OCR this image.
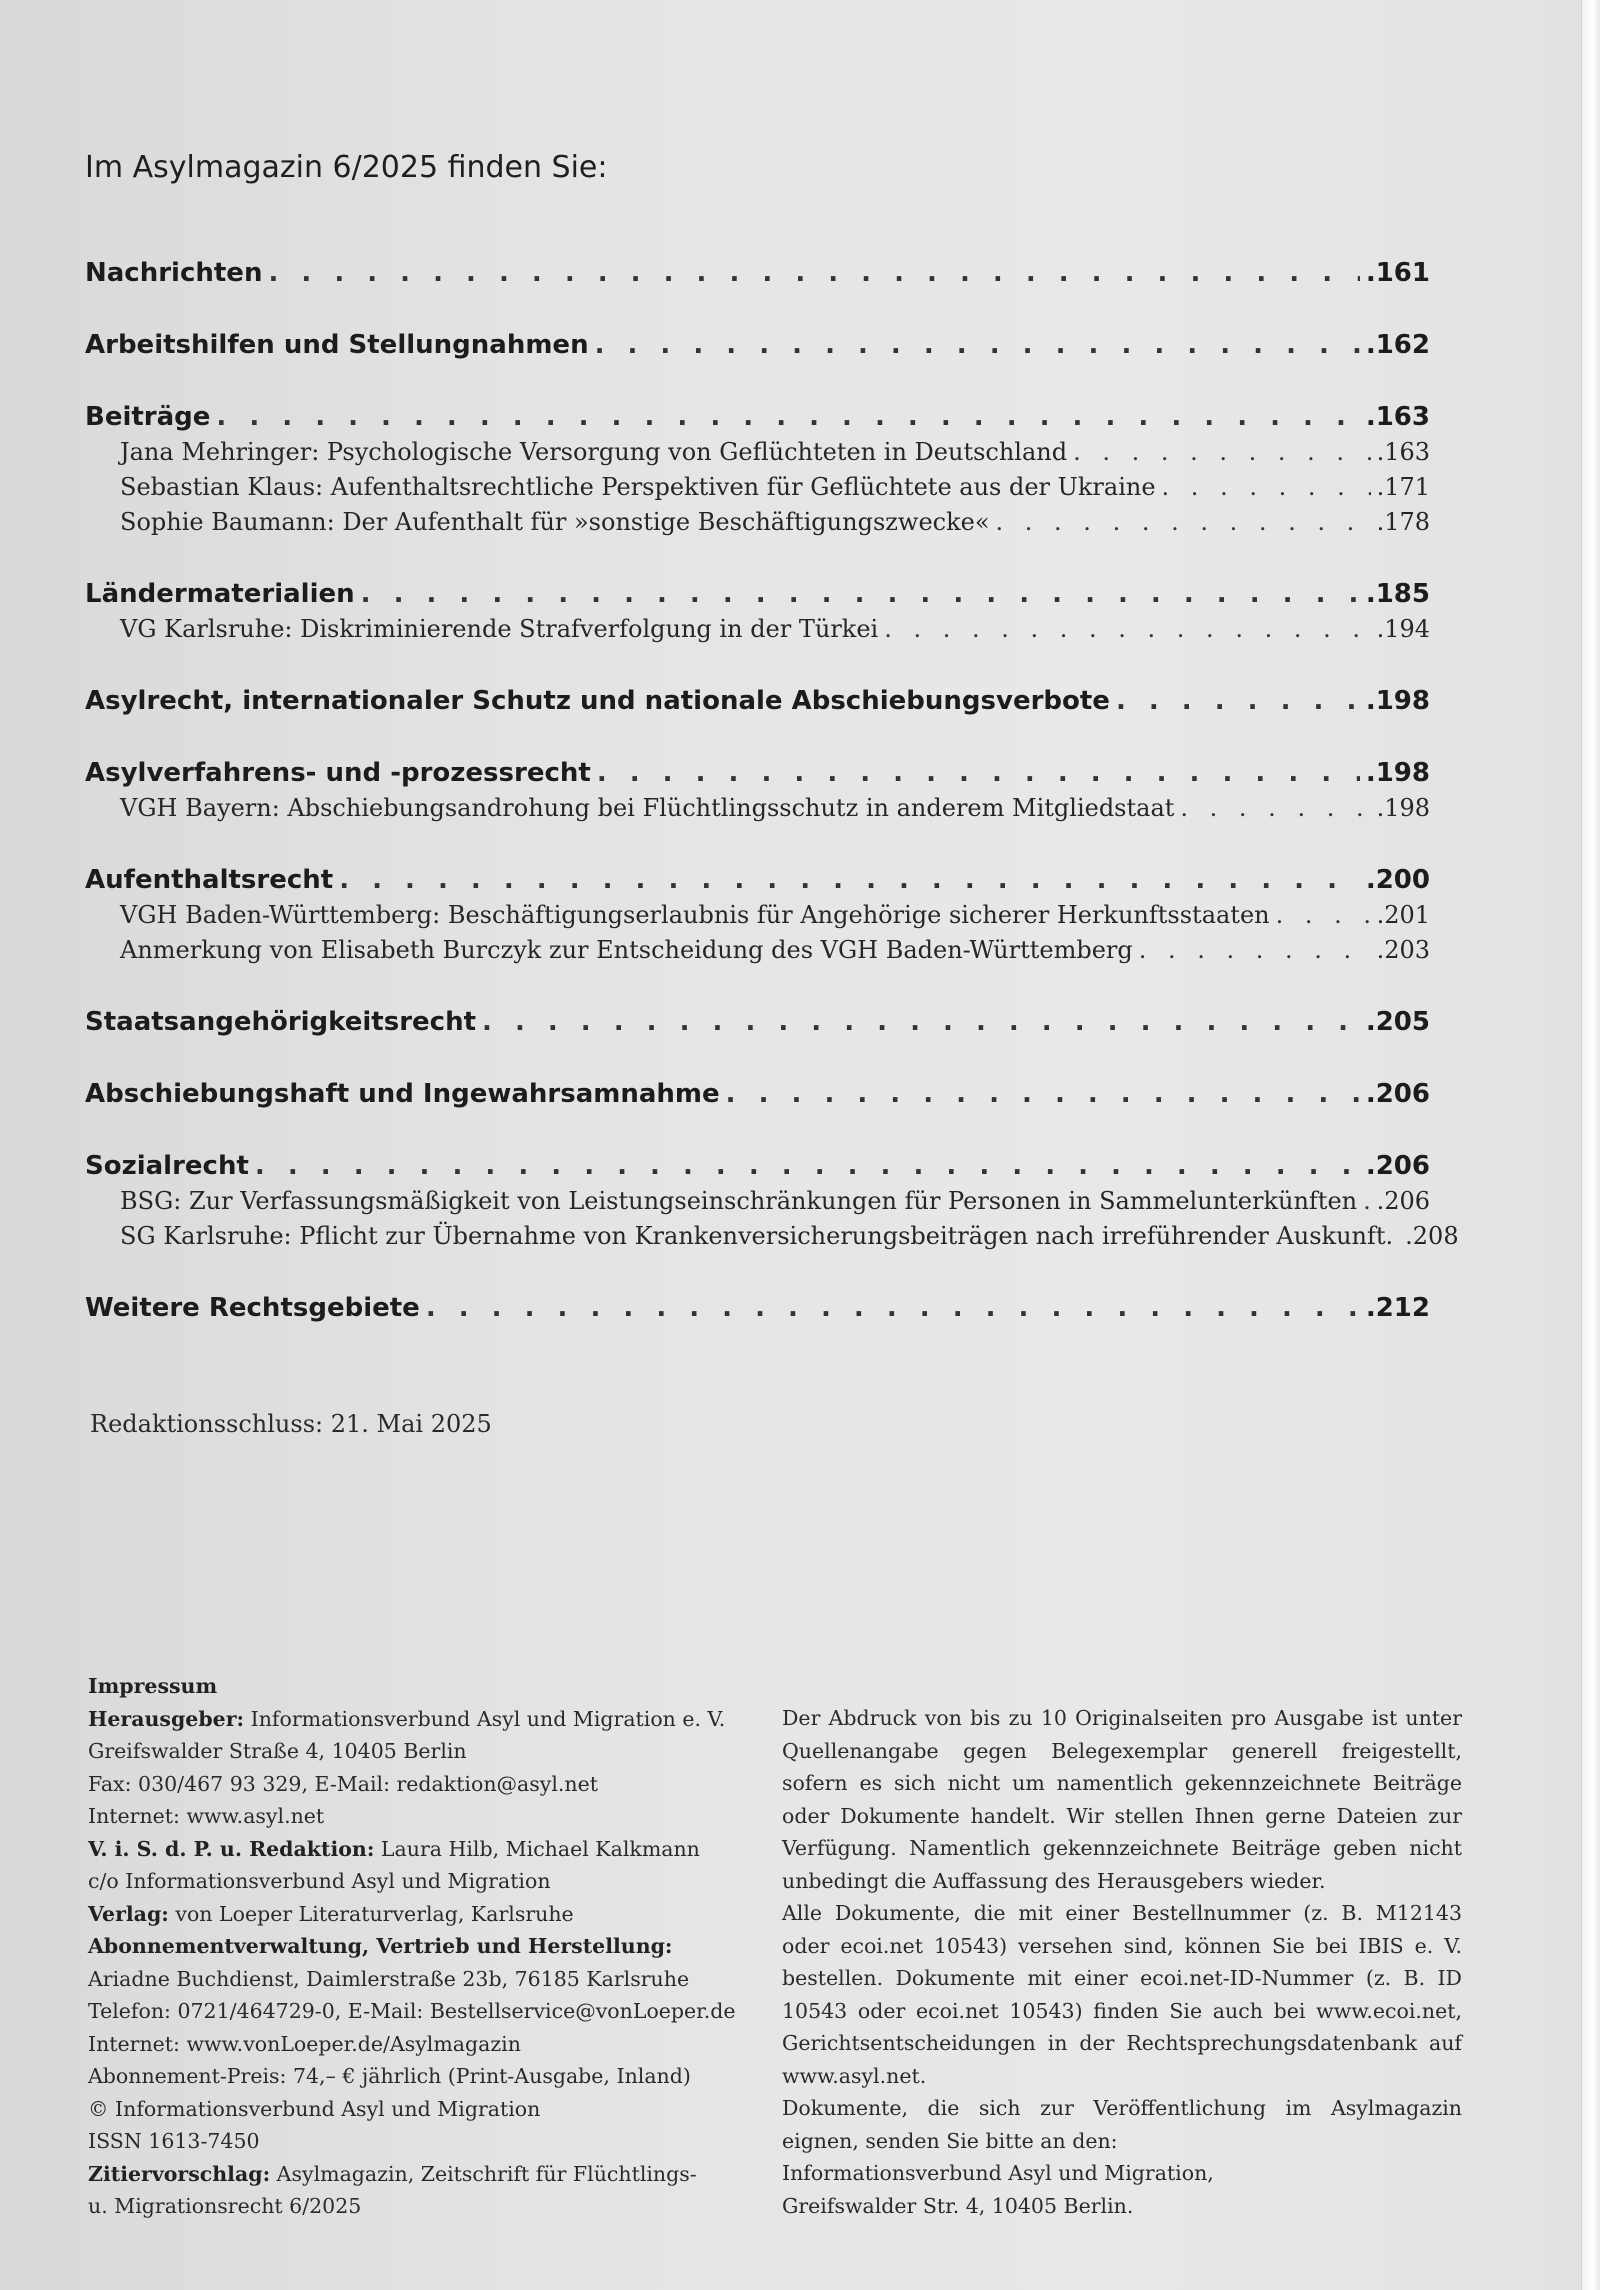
Im Asylmagazin 6/2025 finden Sie:
Nachrichten . . .	.161
Arbeitshilfen und Stellungnahmen . . .	.162
Beiträge . . .	.163
Jana Mehringer: Psychologische Versorgung von Geflüchteten in Deutschland . . .	.163
Sebastian Klaus: Aufenthaltsrechtliche Perspektiven für Geflüchtete aus der Ukraine . . .	.171
Sophie Baumann: Der Aufenthalt für »sonstige Beschäftigungszwecke« . . .	.178
Ländermaterialien . . .	.185
VG Karlsruhe: Diskriminierende Strafverfolgung in der Türkei . . .	.194
Asylrecht, internationaler Schutz und nationale Abschiebungsverbote . . .	.198
Asylverfahrens- und -prozessrecht . . .	.198
VGH Bayern: Abschiebungsandrohung bei Flüchtlingsschutz in anderem Mitgliedstaat . . .	.198
Aufenthaltsrecht . . .	.200
VGH Baden-Württemberg: Beschäftigungserlaubnis für Angehörige sicherer Herkunftsstaaten . . .	.201
Anmerkung von Elisabeth Burczyk zur Entscheidung des VGH Baden-Württemberg . . .	.203
Staatsangehörigkeitsrecht . . .	.205
Abschiebungshaft und Ingewahrsamnahme . . .	.206
Sozialrecht . . .	.206
BSG: Zur Verfassungsmäßigkeit von Leistungseinschränkungen für Personen in Sammelunterkünften . . . .206
SG Karlsruhe: Pflicht zur Übernahme von Krankenversicherungsbeiträgen nach irreführender Auskunft. .208
Weitere Rechtsgebiete . . .	.212

Redaktionsschluss: 21. Mai 2025

Impressum

Herausgeber: Informationsverbund Asyl und Migration e. V.

Greifswalder Straße 4, 10405 Berlin

Fax: 030/467 93 329, E-Mail: redaktion@asyl.net

Internet: www.asyl.net

V. i. S. d. P. u. Redaktion: Laura Hilb, Michael Kalkmann

c/o Informationsverbund Asyl und Migration

Verlag: von Loeper Literaturverlag, Karlsruhe

Abonnementverwaltung, Vertrieb und Herstellung:

Ariadne Buchdienst, Daimlerstraße 23b, 76185 Karlsruhe

Telefon: 0721/464729-0, E-Mail: Bestellservice@vonLoeper.de

Internet: www.vonLoeper.de/Asylmagazin

Abonnement-Preis: 74,– € jährlich (Print-Ausgabe, Inland)

© Informationsverbund Asyl und Migration

ISSN 1613-7450

Zitiervorschlag: Asylmagazin, Zeitschrift für Flüchtlings-

u. Migrationsrecht 6/2025

Der Abdruck von bis zu 10 Originalseiten pro Ausgabe ist unter Quellenangabe gegen Belegexemplar generell freigestellt, sofern es sich nicht um namentlich gekennzeichnete Beiträge oder Dokumente handelt. Wir stellen Ihnen gerne Dateien zur Verfügung. Namentlich gekennzeichnete Beiträge geben nicht unbedingt die Auffassung des Herausgebers wieder.

Alle Dokumente, die mit einer Bestellnummer (z. B. M12143 oder ecoi.net 10543) versehen sind, können Sie bei IBIS e. V. bestellen. Dokumente mit einer ecoi.net-ID-Nummer (z. B. ID 10543 oder ecoi.net 10543) finden Sie auch bei www.ecoi.net, Gerichtsentscheidungen in der Rechtsprechungsdatenbank auf www.asyl.net.

Dokumente, die sich zur Veröffentlichung im Asylmagazin eignen, senden Sie bitte an den:

Informationsverbund Asyl und Migration,

Greifswalder Str. 4, 10405 Berlin.
